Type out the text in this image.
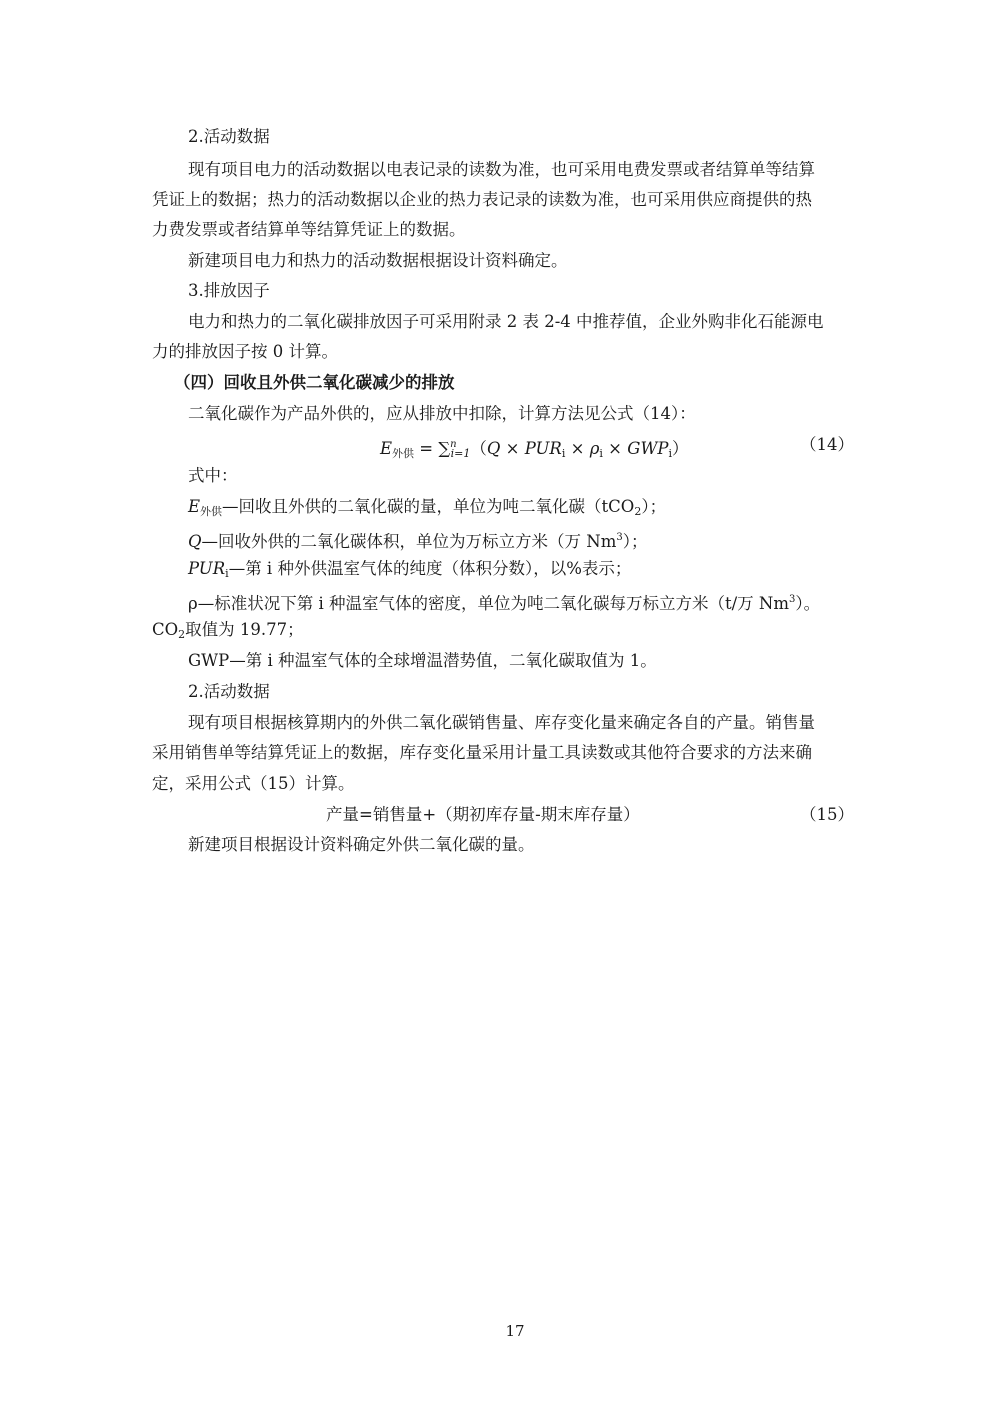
2.活动数据
现有项目电力的活动数据以电表记录的读数为准，也可采用电费发票或者结算单等结算
凭证上的数据；热力的活动数据以企业的热力表记录的读数为准，也可采用供应商提供的热
力费发票或者结算单等结算凭证上的数据。
新建项目电力和热力的活动数据根据设计资料确定。
3.排放因子
电力和热力的二氧化碳排放因子可采用附录 2 表 2-4 中推荐值，企业外购非化石能源电
力的排放因子按 0 计算。
（四）回收且外供二氧化碳减少的排放
二氧化碳作为产品外供的，应从排放中扣除，计算方法见公式（14）：
$E_{外供} = \sum^n_{i=1}(Q \times PUR_i \times \rho_i \times GWP_i)$	（14）
式中：
$E_{外供}—$回收且外供的二氧化碳的量，单位为吨二氧化碳（tCO$_2$）；
Q—回收外供的二氧化碳体积，单位为万标立方米（万 Nm$^3$）；
$PUR_i—$第 i 种外供温室气体的纯度（体积分数），以%表示；
ρ—标准状况下第 i 种温室气体的密度，单位为吨二氧化碳每万标立方米（t/万 Nm$^3$）。
$CO_2$取值为 19.77；
GWP—第 i 种温室气体的全球增温潜势值，二氧化碳取值为 1。
2.活动数据
现有项目根据核算期内的外供二氧化碳销售量、库存变化量来确定各自的产量。销售量
采用销售单等结算凭证上的数据，库存变化量采用计量工具读数或其他符合要求的方法来确
定，采用公式（15）计算。
产量=销售量+（期初库存量-期末库存量）	（15）
新建项目根据设计资料确定外供二氧化碳的量。
17
